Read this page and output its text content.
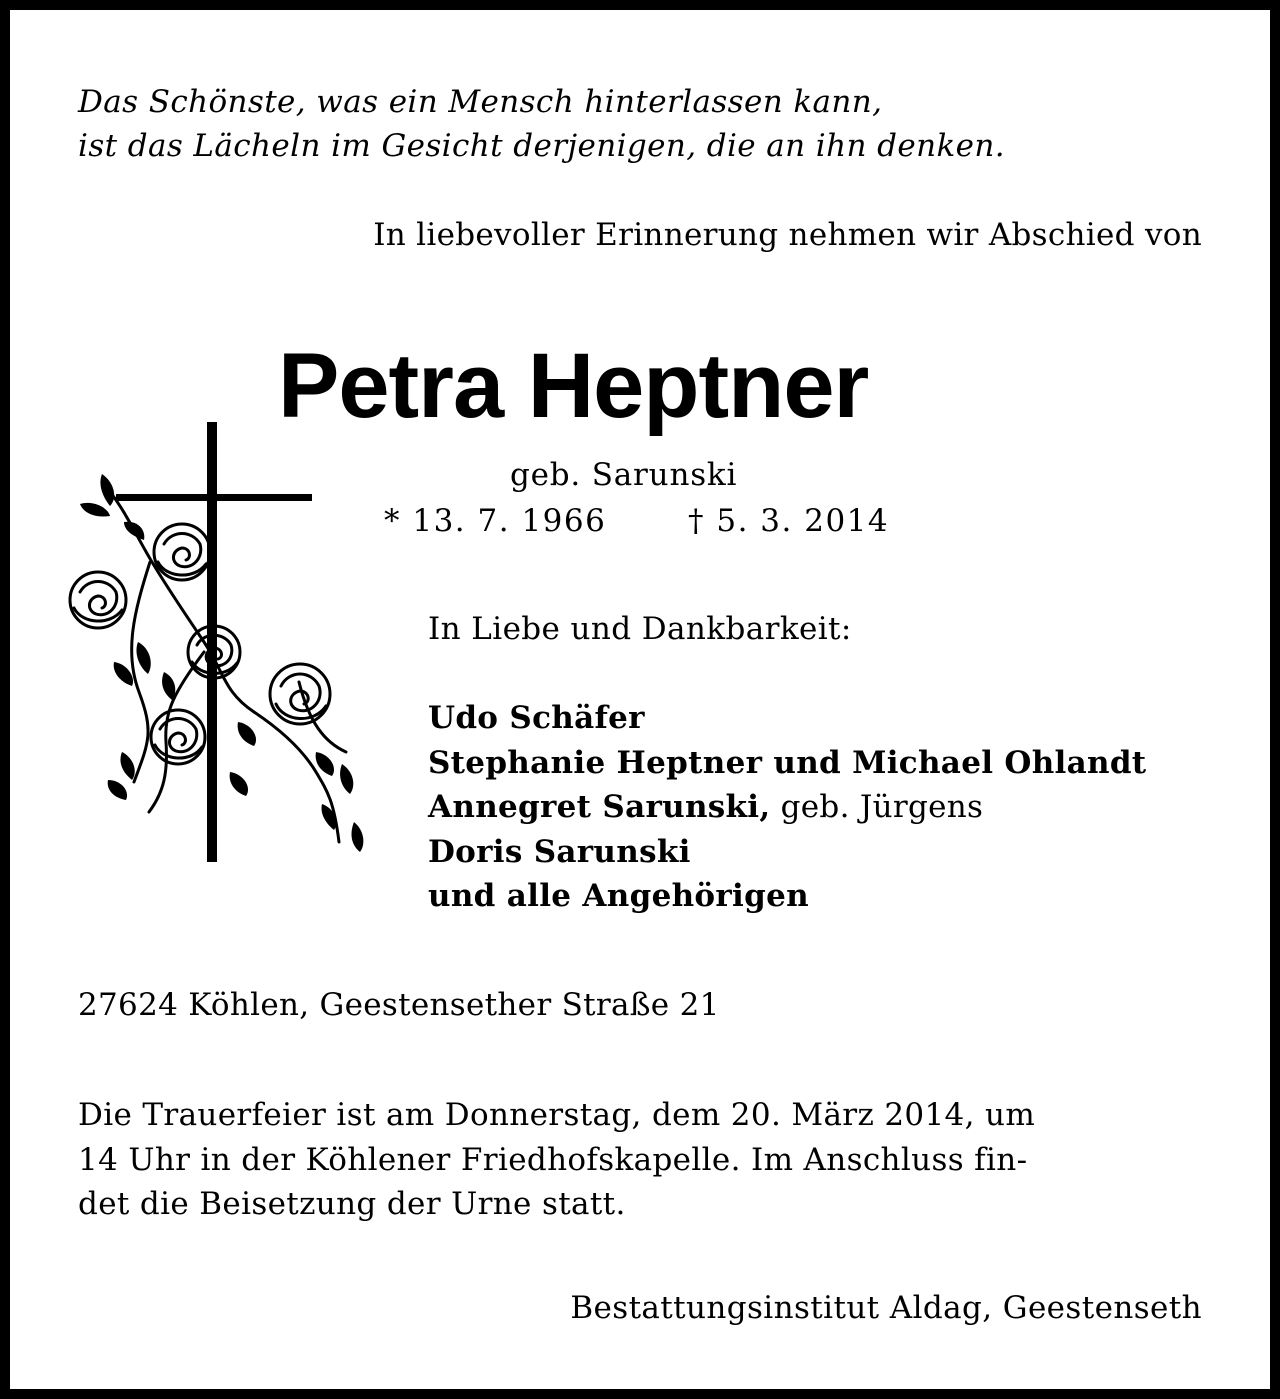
Das Schönste, was ein Mensch hinterlassen kann,

ist das Lächeln im Gesicht derjenigen, die an ihn denken.

In liebevoller Erinnerung nehmen wir Abschied von

Petra Heptner

geb. Sarunski

* 13. 7. 1966	† 5. 3. 2014

In Liebe und Dankbarkeit:

Udo Schäfer
Stephanie Heptner und Michael Ohlandt
Annegret Sarunski, geb. Jürgens
Doris Sarunski
und alle Angehörigen

27624 Köhlen, Geestensether Straße 21

Die Trauerfeier ist am Donnerstag, dem 20. März 2014, um
14 Uhr in der Köhlener Friedhofskapelle. Im Anschluss fin-
det die Beisetzung der Urne statt.

Bestattungsinstitut Aldag, Geestenseth
